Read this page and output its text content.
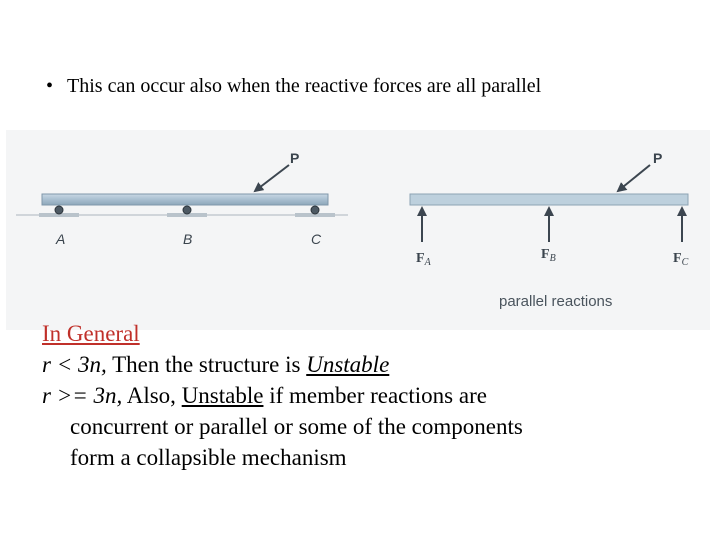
• This can occur also when the reactive forces are all parallel
P
A	B	C
P
$F_A$
$F_B$	$F_C$
parallel reactions
In General
r < 3n, Then the structure is Unstable
r >= 3n, Also, Unstable if member reactions are
concurrent or parallel or some of the components
form a collapsible mechanism
